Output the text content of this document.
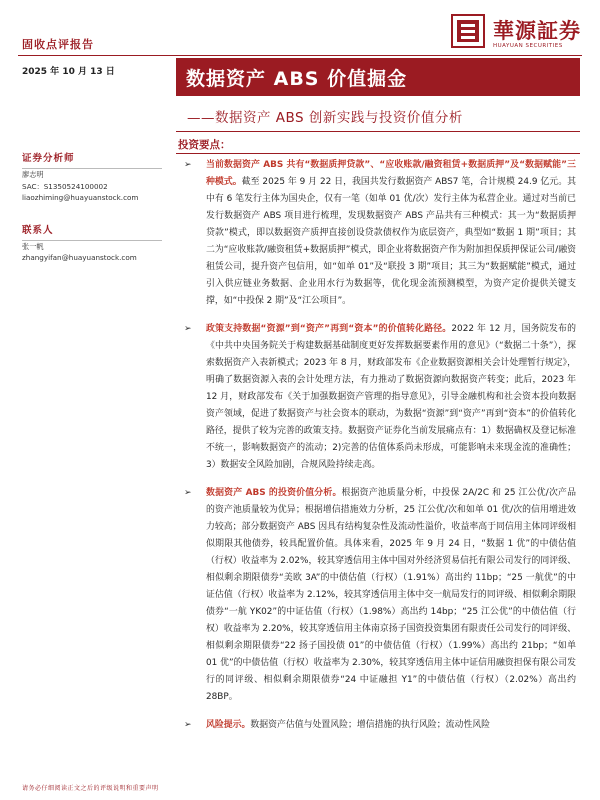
固收点评报告
華源証券
HUAYUAN SECURITIES
2025 年 10 月 13 日	数据资产 ABS 价值掘金
——数据资产 ABS 创新实践与投资价值分析
投资要点：
证券分析师
廖志明
SAC：S1350524100002
liaozhiming@huayuanstock.com
联系人
张一帆
zhangyifan@huayuanstock.com
➢	当前数据资产 ABS 共有“数据质押贷款”、“应收账款/融资租赁+数据质押”及“数据赋能”三种模式。截至 2025 年 9 月 22 日，我国共发行数据资产 ABS7 笔，合计规模 24.9 亿元。其中有 6 笔发行主体为国央企，仅有一笔（如单 01 优/次）发行主体为私营企业。通过对当前已发行数据资产 ABS 项目进行梳理，发现数据资产 ABS 产品共有三种模式：其一为“数据质押贷款”模式，即以数据资产质押直接创设贷款债权作为底层资产，典型如“数据 1 期”项目；其二为“应收账款/融资租赁+数据质押”模式，即企业将数据资产作为附加担保质押保证公司/融资租赁公司，提升资产包信用，如“如单 01”及“联投 3 期”项目；其三为“数据赋能”模式，通过引入供应链业务数据、企业用水行为数据等，优化现金流预测模型，为资产定价提供关键支撑，如“中投保 2 期”及“江公项目”。
➢	政策支持数据“资源”到“资产”再到“资本”的价值转化路径。2022 年 12 月，国务院发布的《中共中央国务院关于构建数据基础制度更好发挥数据要素作用的意见》（“数据二十条”），探索数据资产入表新模式；2023 年 8 月，财政部发布《企业数据资源相关会计处理暂行规定》，明确了数据资源入表的会计处理方法，有力推动了数据资源向数据资产转变；此后，2023 年 12 月，财政部发布《关于加强数据资产管理的指导意见》，引导金融机构和社会资本投向数据资产领域，促进了数据资产与社会资本的联动，为数据“资源”到“资产”再到“资本”的价值转化路径，提供了较为完善的政策支持。数据资产证券化当前发展痛点有：1）数据确权及登记标准不统一，影响数据资产的流动；2)完善的估值体系尚未形成，可能影响未来现金流的准确性；3）数据安全风险加剧，合规风险持续走高。
➢	数据资产 ABS 的投资价值分析。根据资产池质量分析，中投保 2A/2C 和 25 江公优/次产品的资产池质量较为优异；根据增信措施效力分析，25 江公优/次和如单 01 优/次的信用增进效力较高；部分数据资产 ABS 因具有结构复杂性及流动性溢价，收益率高于同信用主体同评级相似期限其他债券，较具配置价值。具体来看，2025 年 9 月 24 日，“数据 1 优”的中债估值（行权）收益率为 2.02%，较其穿透信用主体中国对外经济贸易信托有限公司发行的同评级、相似剩余期限债券“美欧 3A”的中债估值（行权）（1.91%）高出约 11bp；“25 一航优”的中证估值（行权）收益率为 2.12%，较其穿透信用主体中交一航局发行的同评级、相似剩余期限债券“一航 YK02”的中证估值（行权）（1.98%）高出约 14bp；“25 江公优”的中债估值（行权）收益率为 2.20%，较其穿透信用主体南京扬子国资投资集团有限责任公司发行的同评级、相似剩余期限债券“22 扬子国投债 01”的中债估值（行权）（1.99%）高出约 21bp；“如单 01 优”的中债估值（行权）收益率为 2.30%，较其穿透信用主体中证信用融资担保有限公司发行的同评级、相似剩余期限债券“24 中证融担 Y1”的中债估值（行权）（2.02%）高出约 28BP。
➢	风险提示。数据资产估值与处置风险；增信措施的执行风险；流动性风险
请务必仔细阅读正文之后的评级说明和重要声明
